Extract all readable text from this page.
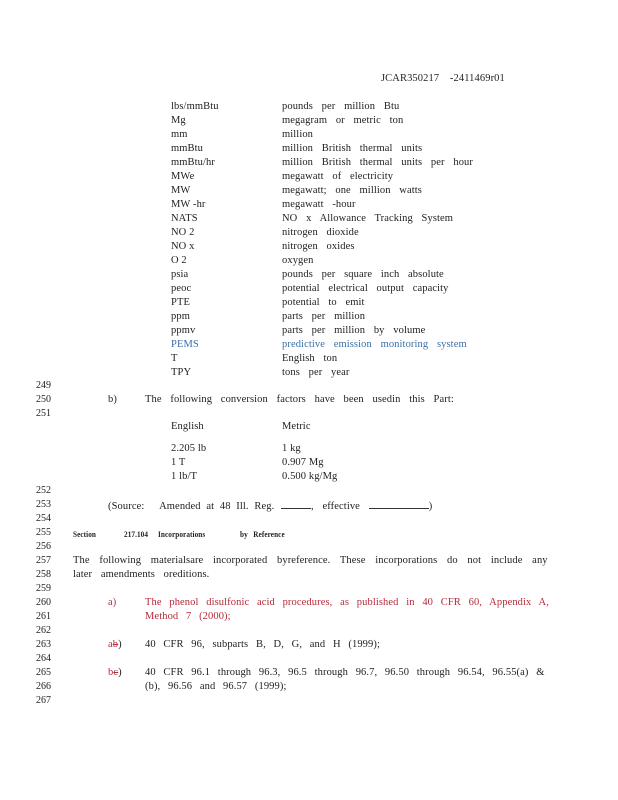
JCAR350217 -2411469r01
lbs/mmBtu	pounds per million Btu
Mg	megagram or metric ton
mm	million
mmBtu	million British thermal units
mmBtu/hr	million British thermal units per hour
MWe	megawatt of electricity
MW	megawatt; one million watts
MW -hr	megawatt -hour
NATS	NO x Allowance Tracking System
NO 2	nitrogen dioxide
NO x	nitrogen oxides
O 2	oxygen
psia	pounds per square inch absolute
peoc	potential electrical output capacity
PTE	potential to emit
ppm	parts per million
ppmv	parts per million by volume
PEMS	predictive emission monitoring system
T	English ton
TPY	tons per year
249
250
251
252
253
254
255
256
257
258
259
260
261
262
263
264
265
266
267
b)	The following conversion factors have been usedin this Part:
English	Metric
2.205 lb	1 kg
1 T	0.907 Mg
1 lb/T	0.500 kg/Mg
(Source: Amended at 48 Ill. Reg.	, effective	)
Section	217.104 Incorporations	by Reference
The following materialsare incorporated byreference. These incorporations do not include any
later amendments oreditions.
a)	The phenol disulfonic acid procedures, as published in 40 CFR 60, Appendix A,
Method 7 (2000);
ab) 40 CFR 96, subparts B, D, G, and H (1999);
bc) 40 CFR 96.1 through 96.3, 96.5 through 96.7, 96.50 through 96.54, 96.55(a) &
(b), 96.56 and 96.57 (1999);
